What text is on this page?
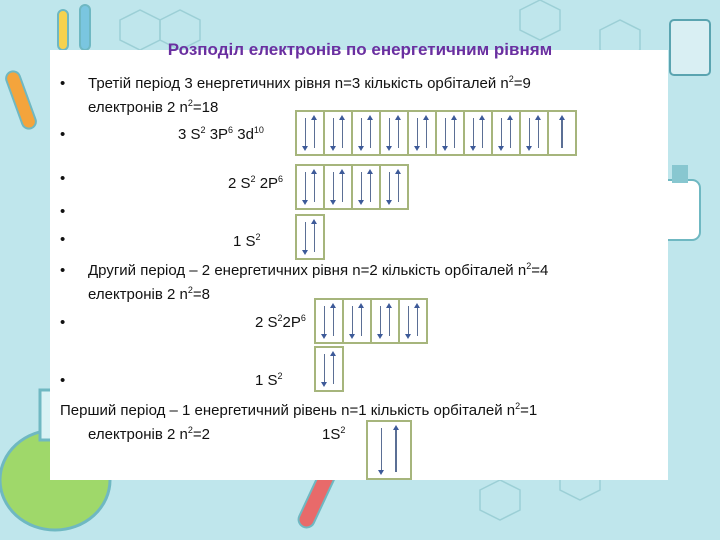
Розподіл електронів по енергетичним рівням
• Третій період 3 енергетичних рівня n=3 кількість орбіталей $n^2=9$
електронів 2 $n^2=18$
•	3 $S^2$ $3P^6$ $3d^{10}$
•	2 $S^2$ $2P^6$
•
•	1 $S^2$
• Другий період – 2 енергетичних рівня n=2 кількість орбіталей $n^2=4$
електронів 2 $n^2=8$
•	2 $S^22P^6$
•	1 $S^2$
Перший період – 1 енергетичний рівень n=1 кількість орбіталей $n^2=1$
електронів 2 $n^2=2$	$1S^2$
